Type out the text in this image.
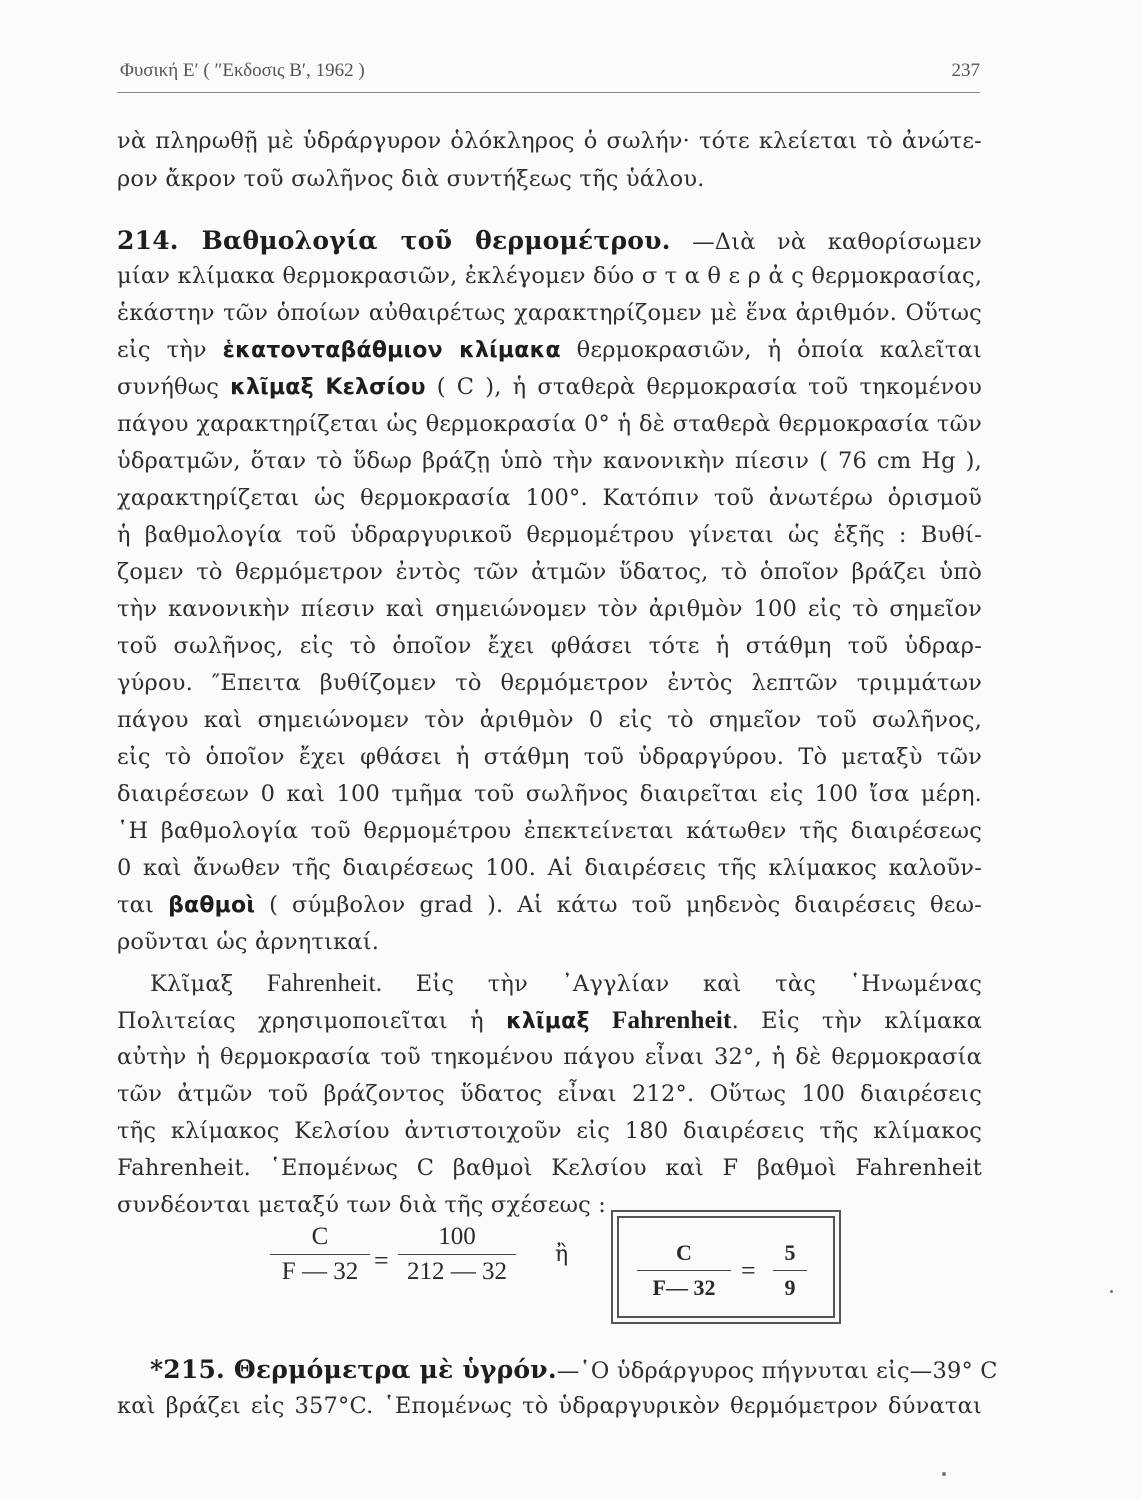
Φυσική Ε′ ( ″Εκδοσις Β′, 1962 )	237
νὰ πληρωθῇ μὲ ὑδράργυρον ὁλόκληρος ὁ σωλήν· τότε κλείεται τὸ ἀνώτε-
ρον ἄκρον τοῦ σωλῆνος διὰ συντήξεως τῆς ὑάλου.
214. Βαθμολογία τοῦ θερμομέτρου. —Διὰ νὰ καθορίσωμεν
μίαν κλίμακα θερμοκρασιῶν, ἐκλέγομεν δύο σ τ α θ ε ρ ἀ ς θερμοκρασίας,
ἑκάστην τῶν ὁποίων αὐθαιρέτως χαρακτηρίζομεν μὲ ἕνα ἀριθμόν. Οὕτως
εἰς τὴν ἑκατονταβάθμιον κλίμακα θερμοκρασιῶν, ἡ ὁποία καλεῖται
συνήθως κλῖμαξ Κελσίου ( C ), ἡ σταθερὰ θερμοκρασία τοῦ τηκομένου
πάγου χαρακτηρίζεται ὡς θερμοκρασία 0° ἡ δὲ σταθερὰ θερμοκρασία τῶν
ὑδρατμῶν, ὅταν τὸ ὕδωρ βράζῃ ὑπὸ τὴν κανονικὴν πίεσιν ( 76 cm Hg ),
χαρακτηρίζεται ὡς θερμοκρασία 100°. Κατόπιν τοῦ ἀνωτέρω ὁρισμοῦ
ἡ βαθμολογία τοῦ ὑδραργυρικοῦ θερμομέτρου γίνεται ὡς ἑξῆς : Βυθί-
ζομεν τὸ θερμόμετρον ἐντὸς τῶν ἀτμῶν ὕδατος, τὸ ὁποῖον βράζει ὑπὸ
τὴν κανονικὴν πίεσιν καὶ σημειώνομεν τὸν ἀριθμὸν 100 εἰς τὸ σημεῖον
τοῦ σωλῆνος, εἰς τὸ ὁποῖον ἔχει φθάσει τότε ἡ στάθμη τοῦ ὑδραρ-
γύρου. ″Επειτα βυθίζομεν τὸ θερμόμετρον ἐντὸς λεπτῶν τριμμάτων
πάγου καὶ σημειώνομεν τὸν ἀριθμὸν 0 εἰς τὸ σημεῖον τοῦ σωλῆνος,
εἰς τὸ ὁποῖον ἔχει φθάσει ἡ στάθμη τοῦ ὑδραργύρου. Τὸ μεταξὺ τῶν
διαιρέσεων 0 καὶ 100 τμῆμα τοῦ σωλῆνος διαιρεῖται εἰς 100 ἴσα μέρη.
῾Η βαθμολογία τοῦ θερμομέτρου ἐπεκτείνεται κάτωθεν τῆς διαιρέσεως
0 καὶ ἄνωθεν τῆς διαιρέσεως 100. Αἱ διαιρέσεις τῆς κλίμακος καλοῦν-
ται βαθμοὶ ( σύμβολον grad ). Αἱ κάτω τοῦ μηδενὸς διαιρέσεις θεω-
ροῦνται ὡς ἀρνητικαί.
Κλῖμαξ Fahrenheit. Εἰς τὴν ᾿Αγγλίαν καὶ τὰς ῾Ηνωμένας
Πολιτείας χρησιμοποιεῖται ἡ κλῖμαξ Fahrenheit. Εἰς τὴν κλίμακα
αὐτὴν ἡ θερμοκρασία τοῦ τηκομένου πάγου εἶναι 32°, ἡ δὲ θερμοκρασία
τῶν ἀτμῶν τοῦ βράζοντος ὕδατος εἶναι 212°. Οὕτως 100 διαιρέσεις
τῆς κλίμακος Κελσίου ἀντιστοιχοῦν εἰς 180 διαιρέσεις τῆς κλίμακος
Fahrenheit. ῾Επομένως C βαθμοὶ Κελσίου καὶ F βαθμοὶ Fahrenheit
συνδέονται μεταξύ των διὰ τῆς σχέσεως :
C
F — 32 =
100
212 — 32
ἢ	C
F— 32
=
5
9
*215. Θερμόμετρα μὲ ὑγρόν.—῾Ο ὑδράργυρος πήγνυται εἰς—39° C
καὶ βράζει εἰς 357°C. ῾Επομένως τὸ ὑδραργυρικὸν θερμόμετρον δύναται
